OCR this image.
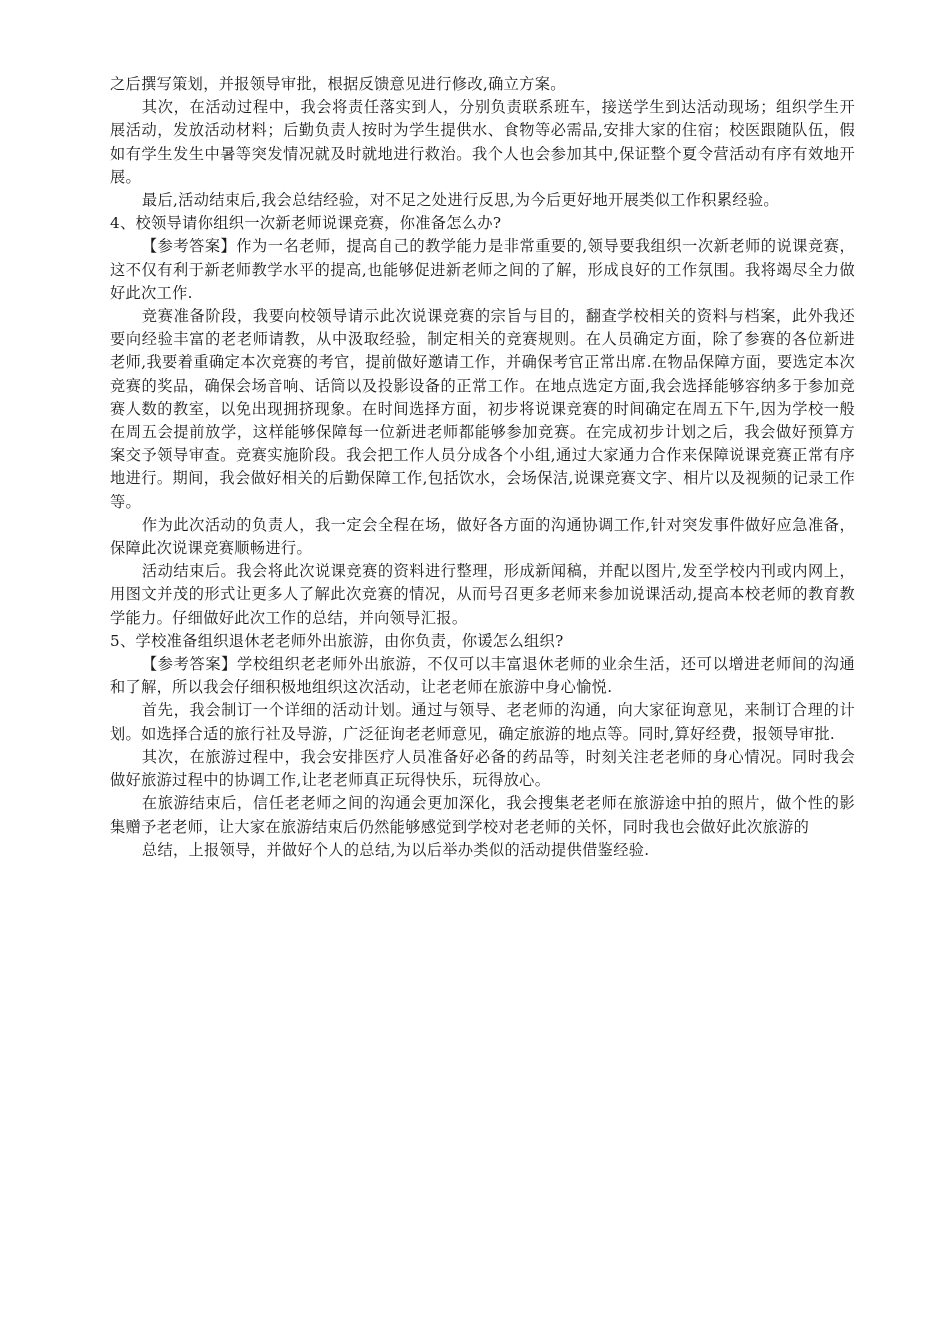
之后撰写策划，并报领导审批，根据反馈意见进行修改,确立方案。

其次，在活动过程中，我会将责任落实到人，分别负责联系班车，接送学生到达活动现场；组织学生开展活动，发放活动材料；后勤负责人按时为学生提供水、食物等必需品,安排大家的住宿；校医跟随队伍，假如有学生发生中暑等突发情况就及时就地进行救治。我个人也会参加其中,保证整个夏令营活动有序有效地开展。

最后,活动结束后,我会总结经验，对不足之处进行反思,为今后更好地开展类似工作积累经验。

4、校领导请你组织一次新老师说课竞赛，你准备怎么办?

【参考答案】作为一名老师，提高自己的教学能力是非常重要的,领导要我组织一次新老师的说课竞赛，这不仅有利于新老师教学水平的提高,也能够促进新老师之间的了解，形成良好的工作氛围。我将竭尽全力做好此次工作.

竞赛准备阶段，我要向校领导请示此次说课竞赛的宗旨与目的，翻查学校相关的资料与档案，此外我还要向经验丰富的老老师请教，从中汲取经验，制定相关的竞赛规则。在人员确定方面，除了参赛的各位新进老师,我要着重确定本次竞赛的考官，提前做好邀请工作，并确保考官正常出席.在物品保障方面，要选定本次竞赛的奖品，确保会场音响、话筒以及投影设备的正常工作。在地点选定方面,我会选择能够容纳多于参加竞赛人数的教室，以免出现拥挤现象。在时间选择方面，初步将说课竞赛的时间确定在周五下午,因为学校一般在周五会提前放学，这样能够保障每一位新进老师都能够参加竞赛。在完成初步计划之后，我会做好预算方案交予领导审查。竞赛实施阶段。我会把工作人员分成各个小组,通过大家通力合作来保障说课竞赛正常有序地进行。期间，我会做好相关的后勤保障工作,包括饮水，会场保洁,说课竞赛文字、相片以及视频的记录工作等。

作为此次活动的负责人，我一定会全程在场，做好各方面的沟通协调工作,针对突发事件做好应急准备，保障此次说课竞赛顺畅进行。

活动结束后。我会将此次说课竞赛的资料进行整理，形成新闻稿，并配以图片,发至学校内刊或内网上，用图文并茂的形式让更多人了解此次竞赛的情况，从而号召更多老师来参加说课活动,提高本校老师的教育教学能力。仔细做好此次工作的总结，并向领导汇报。

5、学校准备组织退休老老师外出旅游，由你负责，你谖怎么组织?

【参考答案】学校组织老老师外出旅游，不仅可以丰富退休老师的业余生活，还可以增进老师间的沟通和了解，所以我会仔细积极地组织这次活动，让老老师在旅游中身心愉悦.

首先，我会制订一个详细的活动计划。通过与领导、老老师的沟通，向大家征询意见，来制订合理的计划。如选择合适的旅行社及导游，广泛征询老老师意见，确定旅游的地点等。同时,算好经费，报领导审批.

其次，在旅游过程中，我会安排医疗人员准备好必备的药品等，时刻关注老老师的身心情况。同时我会做好旅游过程中的协调工作,让老老师真正玩得快乐，玩得放心。

在旅游结束后，信任老老师之间的沟通会更加深化，我会搜集老老师在旅游途中拍的照片，做个性的影集赠予老老师，让大家在旅游结束后仍然能够感觉到学校对老老师的关怀，同时我也会做好此次旅游的

总结，上报领导，并做好个人的总结,为以后举办类似的活动提供借鉴经验.
